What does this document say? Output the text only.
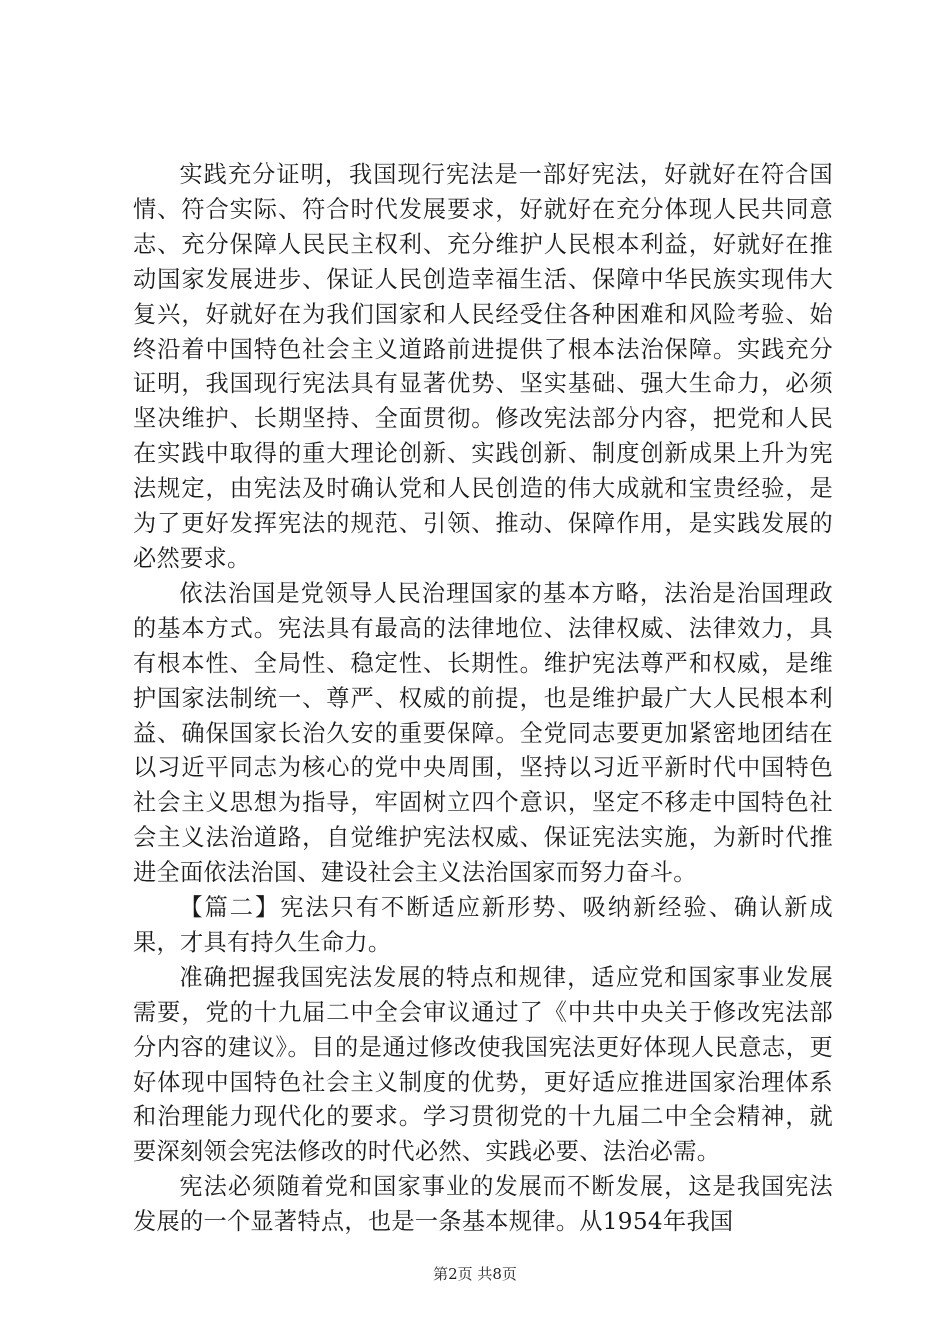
实践充分证明，我国现行宪法是一部好宪法，好就好在符合国情、符合实际、符合时代发展要求，好就好在充分体现人民共同意志、充分保障人民民主权利、充分维护人民根本利益，好就好在推动国家发展进步、保证人民创造幸福生活、保障中华民族实现伟大复兴，好就好在为我们国家和人民经受住各种困难和风险考验、始终沿着中国特色社会主义道路前进提供了根本法治保障。实践充分证明，我国现行宪法具有显著优势、坚实基础、强大生命力，必须坚决维护、长期坚持、全面贯彻。修改宪法部分内容，把党和人民在实践中取得的重大理论创新、实践创新、制度创新成果上升为宪法规定，由宪法及时确认党和人民创造的伟大成就和宝贵经验，是为了更好发挥宪法的规范、引领、推动、保障作用，是实践发展的必然要求。

依法治国是党领导人民治理国家的基本方略，法治是治国理政的基本方式。宪法具有最高的法律地位、法律权威、法律效力，具有根本性、全局性、稳定性、长期性。维护宪法尊严和权威，是维护国家法制统一、尊严、权威的前提，也是维护最广大人民根本利益、确保国家长治久安的重要保障。全党同志要更加紧密地团结在以习近平同志为核心的党中央周围，坚持以习近平新时代中国特色社会主义思想为指导，牢固树立四个意识，坚定不移走中国特色社会主义法治道路，自觉维护宪法权威、保证宪法实施，为新时代推进全面依法治国、建设社会主义法治国家而努力奋斗。

【篇二】宪法只有不断适应新形势、吸纳新经验、确认新成果，才具有持久生命力。

准确把握我国宪法发展的特点和规律，适应党和国家事业发展需要，党的十九届二中全会审议通过了《中共中央关于修改宪法部分内容的建议》。目的是通过修改使我国宪法更好体现人民意志，更好体现中国特色社会主义制度的优势，更好适应推进国家治理体系和治理能力现代化的要求。学习贯彻党的十九届二中全会精神，就要深刻领会宪法修改的时代必然、实践必要、法治必需。

宪法必须随着党和国家事业的发展而不断发展，这是我国宪法发展的一个显著特点，也是一条基本规律。从1954年我国

第2页 共8页
